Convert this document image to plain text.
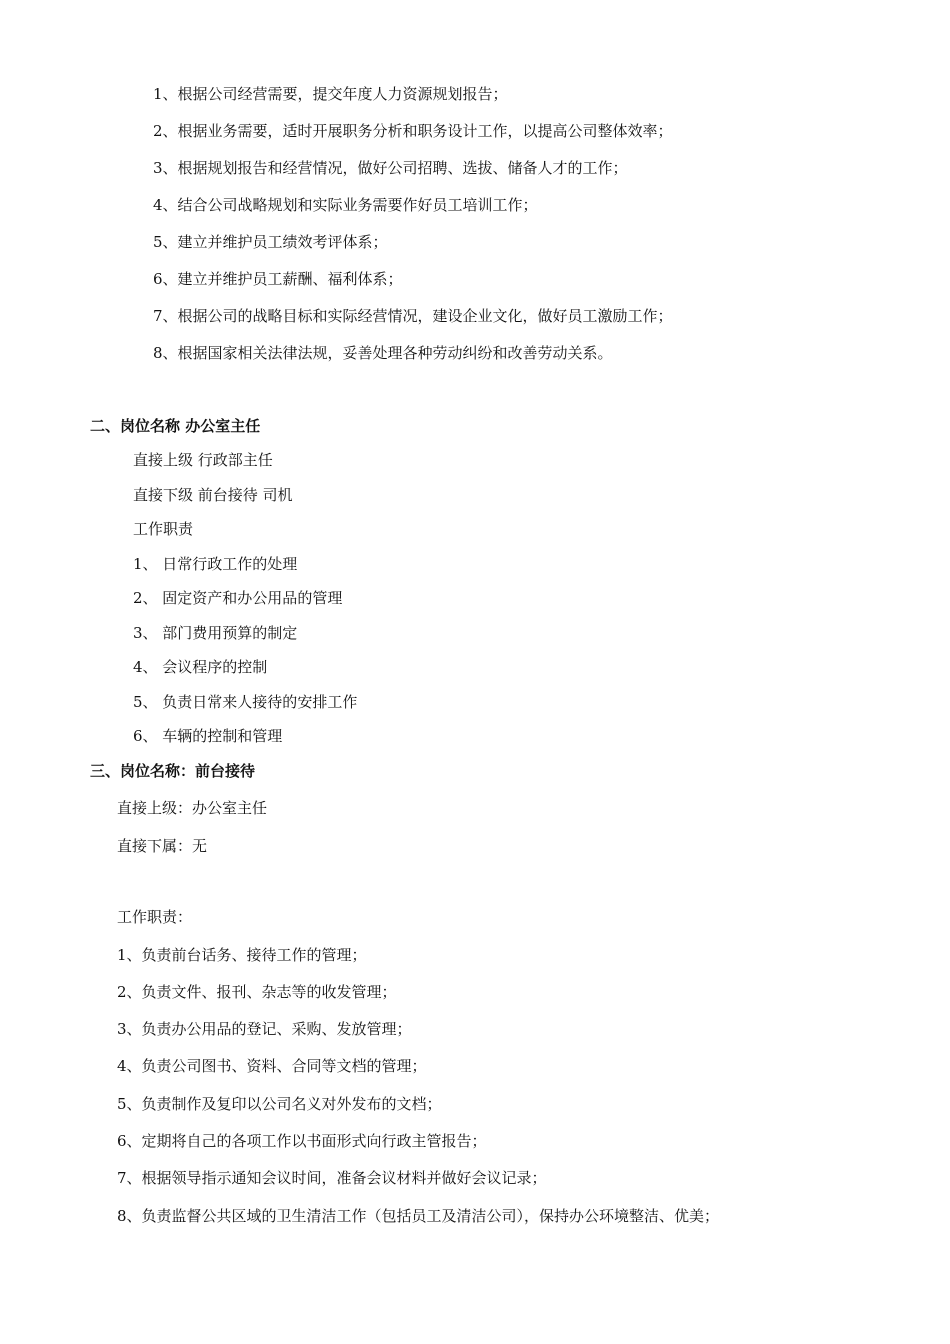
1、根据公司经营需要，提交年度人力资源规划报告；
2、根据业务需要，适时开展职务分析和职务设计工作，以提高公司整体效率；
3、根据规划报告和经营情况，做好公司招聘、选拔、储备人才的工作；
4、结合公司战略规划和实际业务需要作好员工培训工作；
5、建立并维护员工绩效考评体系；
6、建立并维护员工薪酬、福利体系；
7、根据公司的战略目标和实际经营情况，建设企业文化，做好员工激励工作；
8、根据国家相关法律法规，妥善处理各种劳动纠纷和改善劳动关系。
二、岗位名称 办公室主任
直接上级 行政部主任
直接下级 前台接待 司机
工作职责
1、 日常行政工作的处理
2、 固定资产和办公用品的管理
3、 部门费用预算的制定
4、 会议程序的控制
5、 负责日常来人接待的安排工作
6、 车辆的控制和管理
三、岗位名称：前台接待
直接上级：办公室主任
直接下属：无
工作职责：
1、负责前台话务、接待工作的管理；
2、负责文件、报刊、杂志等的收发管理；
3、负责办公用品的登记、采购、发放管理；
4、负责公司图书、资料、合同等文档的管理；
5、负责制作及复印以公司名义对外发布的文档；
6、定期将自己的各项工作以书面形式向行政主管报告；
7、根据领导指示通知会议时间，准备会议材料并做好会议记录；
8、负责监督公共区域的卫生清洁工作（包括员工及清洁公司），保持办公环境整洁、优美；
